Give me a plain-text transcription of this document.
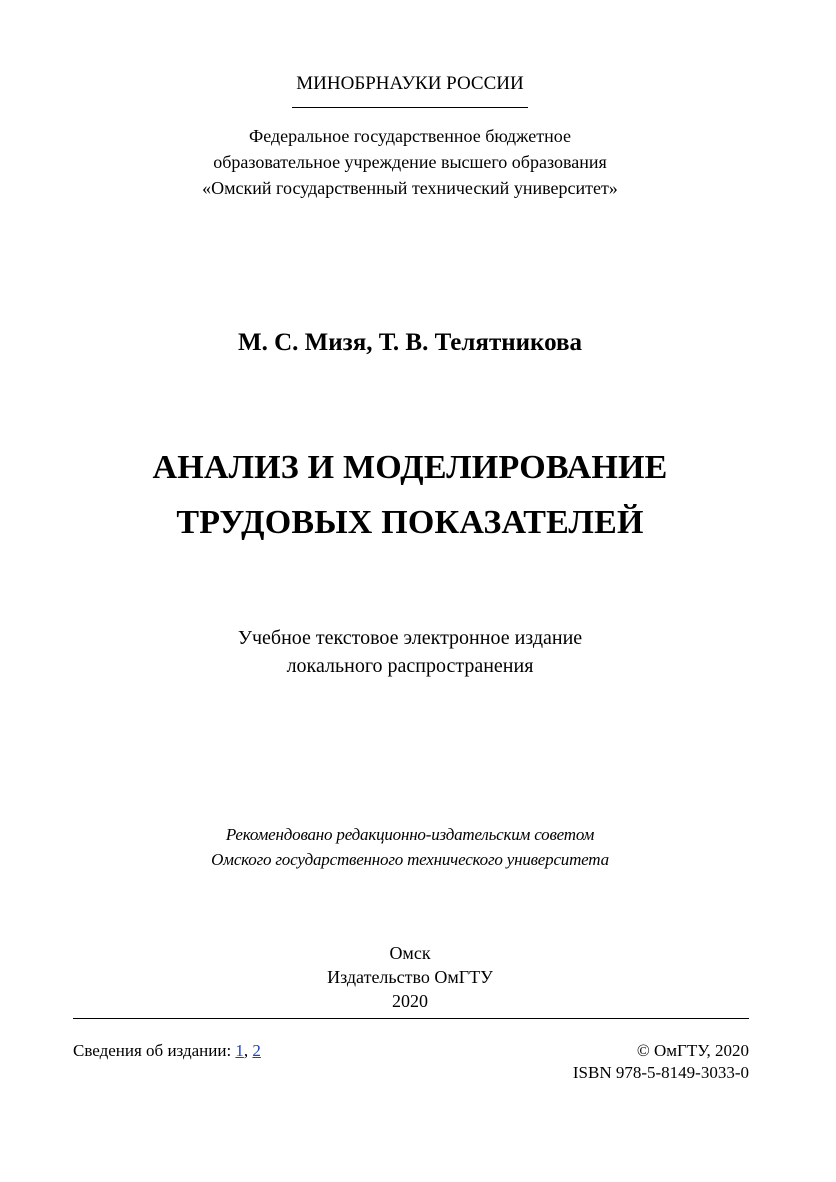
МИНОБРНАУКИ РОССИИ
Федеральное государственное бюджетное
образовательное учреждение высшего образования
«Омский государственный технический университет»
М. С. Мизя, Т. В. Телятникова
АНАЛИЗ И МОДЕЛИРОВАНИЕ
ТРУДОВЫХ ПОКАЗАТЕЛЕЙ
Учебное текстовое электронное издание
локального распространения
Рекомендовано редакционно-издательским советом
Омского государственного технического университета
Омск
Издательство ОмГТУ
2020
Сведения об издании: 1, 2	© ОмГТУ, 2020
ISBN 978-5-8149-3033-0
